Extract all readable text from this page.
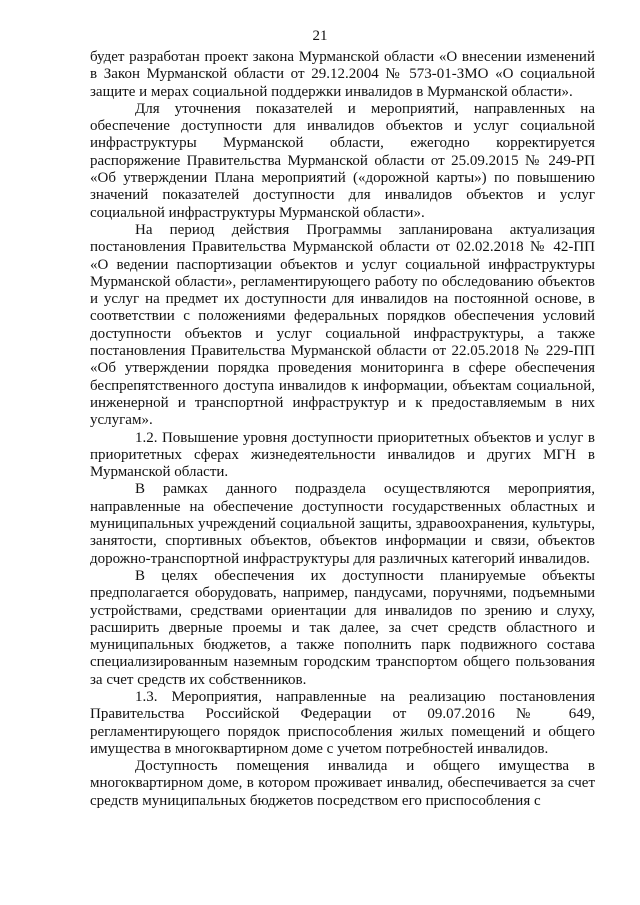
21

будет разработан проект закона Мурманской области «О внесении изменений в Закон Мурманской области от 29.12.2004 № 573-01-ЗМО «О социальной защите и мерах социальной поддержки инвалидов в Мурманской области».

Для уточнения показателей и мероприятий, направленных на обеспечение доступности для инвалидов объектов и услуг социальной инфраструктуры Мурманской области, ежегодно корректируется распоряжение Правительства Мурманской области от 25.09.2015 № 249-РП «Об утверждении Плана мероприятий («дорожной карты») по повышению значений показателей доступности для инвалидов объектов и услуг социальной инфраструктуры Мурманской области».

На период действия Программы запланирована актуализация постановления Правительства Мурманской области от 02.02.2018 № 42-ПП «О ведении паспортизации объектов и услуг социальной инфраструктуры Мурманской области», регламентирующего работу по обследованию объектов и услуг на предмет их доступности для инвалидов на постоянной основе, в соответствии с положениями федеральных порядков обеспечения условий доступности объектов и услуг социальной инфраструктуры, а также постановления Правительства Мурманской области от 22.05.2018 № 229-ПП «Об утверждении порядка проведения мониторинга в сфере обеспечения беспрепятственного доступа инвалидов к информации, объектам социальной, инженерной и транспортной инфраструктур и к предоставляемым в них услугам».

1.2. Повышение уровня доступности приоритетных объектов и услуг в приоритетных сферах жизнедеятельности инвалидов и других МГН в Мурманской области.

В рамках данного подраздела осуществляются мероприятия, направленные на обеспечение доступности государственных областных и муниципальных учреждений социальной защиты, здравоохранения, культуры, занятости, спортивных объектов, объектов информации и связи, объектов дорожно-транспортной инфраструктуры для различных категорий инвалидов.

В целях обеспечения их доступности планируемые объекты предполагается оборудовать, например, пандусами, поручнями, подъемными устройствами, средствами ориентации для инвалидов по зрению и слуху, расширить дверные проемы и так далее, за счет средств областного и муниципальных бюджетов, а также пополнить парк подвижного состава специализированным наземным городским транспортом общего пользования за счет средств их собственников.

1.3. Мероприятия, направленные на реализацию постановления Правительства Российской Федерации от 09.07.2016 № 649, регламентирующего порядок приспособления жилых помещений и общего имущества в многоквартирном доме с учетом потребностей инвалидов.

Доступность помещения инвалида и общего имущества в многоквартирном доме, в котором проживает инвалид, обеспечивается за счет средств муниципальных бюджетов посредством его приспособления с
